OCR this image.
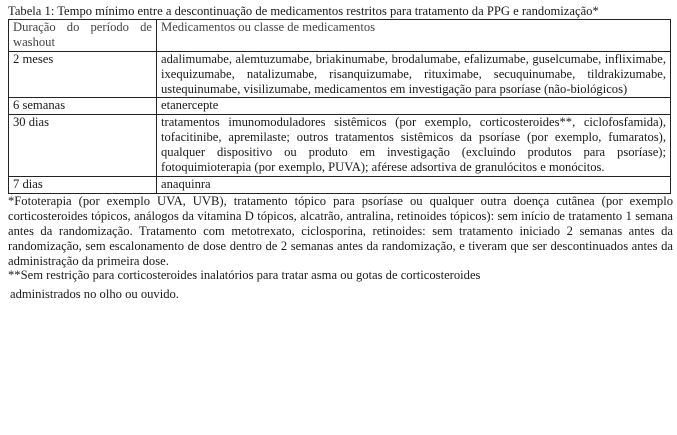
Tabela 1: Tempo mínimo entre a descontinuação de medicamentos restritos para tratamento da PPG e randomização*

Duração do período de washout	Medicamentos ou classe de medicamentos
2 meses	adalimumabe, alemtuzumabe, briakinumabe, brodalumabe, efalizumabe, guselcumabe, infliximabe, ixequizumabe, natalizumabe, risanquizumabe, rituximabe, secuquinumabe, tildrakizumabe, ustequinumabe, visilizumabe, medicamentos em investigação para psoríase (não-biológicos)
6 semanas	etanercepte
30 dias	tratamentos imunomoduladores sistêmicos (por exemplo, corticosteroides**, ciclofosfamida), tofacitinibe, apremilaste; outros tratamentos sistêmicos da psoríase (por exemplo, fumaratos), qualquer dispositivo ou produto em investigação (excluindo produtos para psoríase); fotoquimioterapia (por exemplo, PUVA); aférese adsortiva de granulócitos e monócitos.
7 dias	anaquinra

*Fototerapia (por exemplo UVA, UVB), tratamento tópico para psoríase ou qualquer outra doença cutânea (por exemplo corticosteroides tópicos, análogos da vitamina D tópicos, alcatrão, antralina, retinoides tópicos): sem início de tratamento 1 semana antes da randomização. Tratamento com metotrexato, ciclosporina, retinoides: sem tratamento iniciado 2 semanas antes da randomização, sem escalonamento de dose dentro de 2 semanas antes da randomização, e tiveram que ser descontinuados antes da administração da primeira dose.

**Sem restrição para corticosteroides inalatórios para tratar asma ou gotas de corticosteroides

administrados no olho ou ouvido.
